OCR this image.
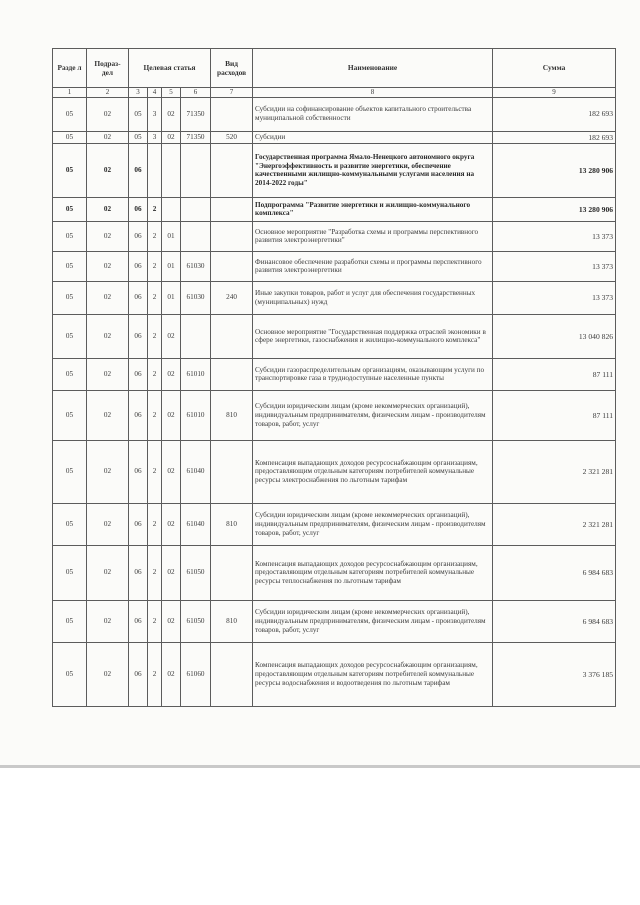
Разде л	Подраз- дел	Целевая статья				Вид расходов	Наименование	Сумма
1	2	3	4	5	6	7	8	9
05	02	05	3	02	71350		Субсидии на софинансирование объектов капитального строительства муниципальной собственности	182 693
05	02	05	3	02	71350	520	Субсидии	182 693
05	02	06					Государственная программа Ямало-Ненецкого автономного округа "Энергоэффективность и развитие энергетики, обеспечение качественными жилищно-коммунальными услугами населения на 2014-2022 годы"	13 280 906
05	02	06	2				Подпрограмма "Развитие энергетики и жилищно-коммунального комплекса"	13 280 906
05	02	06	2	01			Основное мероприятие "Разработка схемы и программы перспективного развития электроэнергетики"	13 373
05	02	06	2	01	61030		Финансовое обеспечение разработки схемы и программы перспективного развития электроэнергетики	13 373
05	02	06	2	01	61030	240	Иные закупки товаров, работ и услуг для обеспечения государственных (муниципальных) нужд	13 373
05	02	06	2	02			Основное мероприятие "Государственная поддержка отраслей экономики в сфере энергетики, газоснабжения и жилищно-коммунального комплекса"	13 040 826
05	02	06	2	02	61010		Субсидии газораспределительным организациям, оказывающим услуги по транспортировке газа в труднодоступные населенные пункты	87 111
05	02	06	2	02	61010	810	Субсидии юридическим лицам (кроме некоммерческих организаций), индивидуальным предпринимателям, физическим лицам - производителям товаров, работ, услуг	87 111
05	02	06	2	02	61040		Компенсация выпадающих доходов ресурсоснабжающим организациям, предоставляющим отдельным категориям потребителей коммунальные ресурсы электроснабжения по льготным тарифам	2 321 281
05	02	06	2	02	61040	810	Субсидии юридическим лицам (кроме некоммерческих организаций), индивидуальным предпринимателям, физическим лицам - производителям товаров, работ, услуг	2 321 281
05	02	06	2	02	61050		Компенсация выпадающих доходов ресурсоснабжающим организациям, предоставляющим отдельным категориям потребителей коммунальные ресурсы теплоснабжения по льготным тарифам	6 984 683
05	02	06	2	02	61050	810	Субсидии юридическим лицам (кроме некоммерческих организаций), индивидуальным предпринимателям, физическим лицам - производителям товаров, работ, услуг	6 984 683
05	02	06	2	02	61060		Компенсация выпадающих доходов ресурсоснабжающим организациям, предоставляющим отдельным категориям потребителей коммунальные ресурсы водоснабжения и водоотведения по льготным тарифам	3 376 185
